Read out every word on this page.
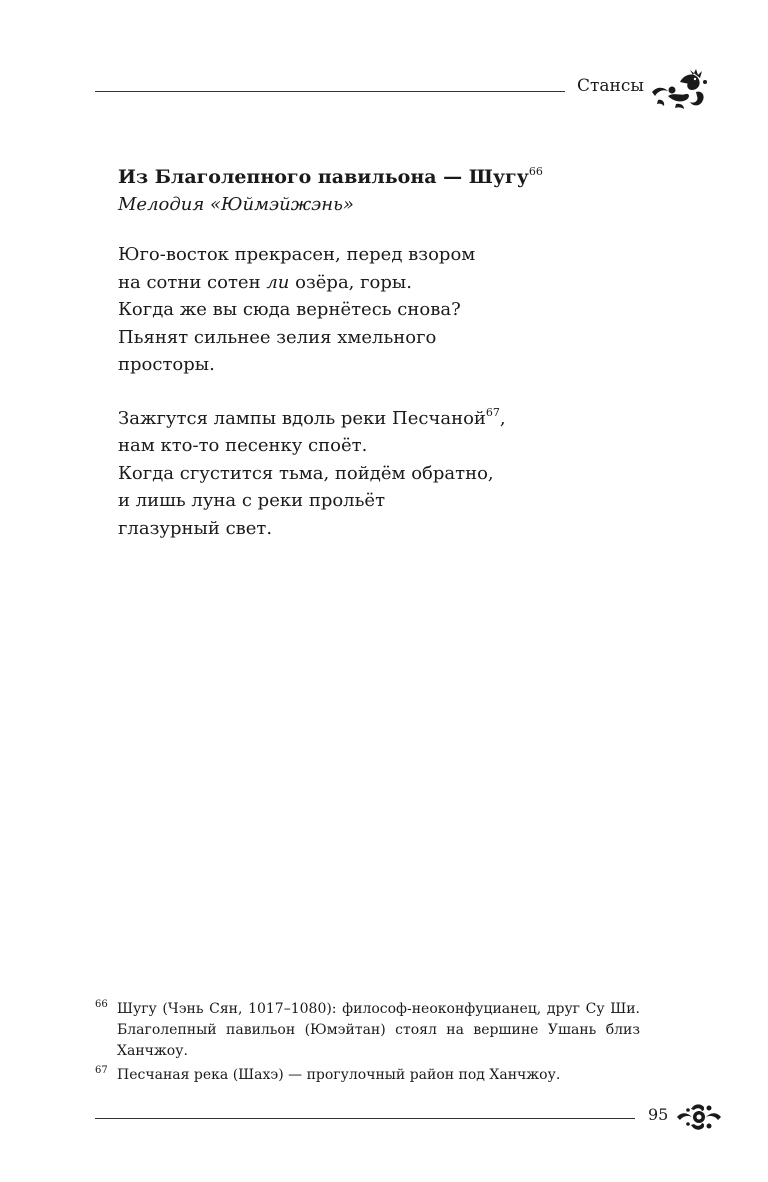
Стансы
Из Благолепного павильона — Шугу$^{66}$
Мелодия «Юймэйжэнь»
Юго-восток прекрасен, перед взором
на сотни сотен ли озёра, горы.
Когда же вы сюда вернётесь снова?
Пьянят сильнее зелия хмельного
просторы.
Зажгутся лампы вдоль реки Песчаной$^{67}$,
нам кто-то песенку споёт.
Когда сгустится тьма, пойдём обратно,
и лишь луна с реки прольёт
глазурный свет.
66 Шугу (Чэнь Сян, 1017–1080): философ-неоконфуцианец, друг Су Ши. Благолепный павильон (Юмэйтан) стоял на вершине Ушань близ Ханчжоу.
67 Песчаная река (Шахэ) — прогулочный район под Ханчжоу.
95
